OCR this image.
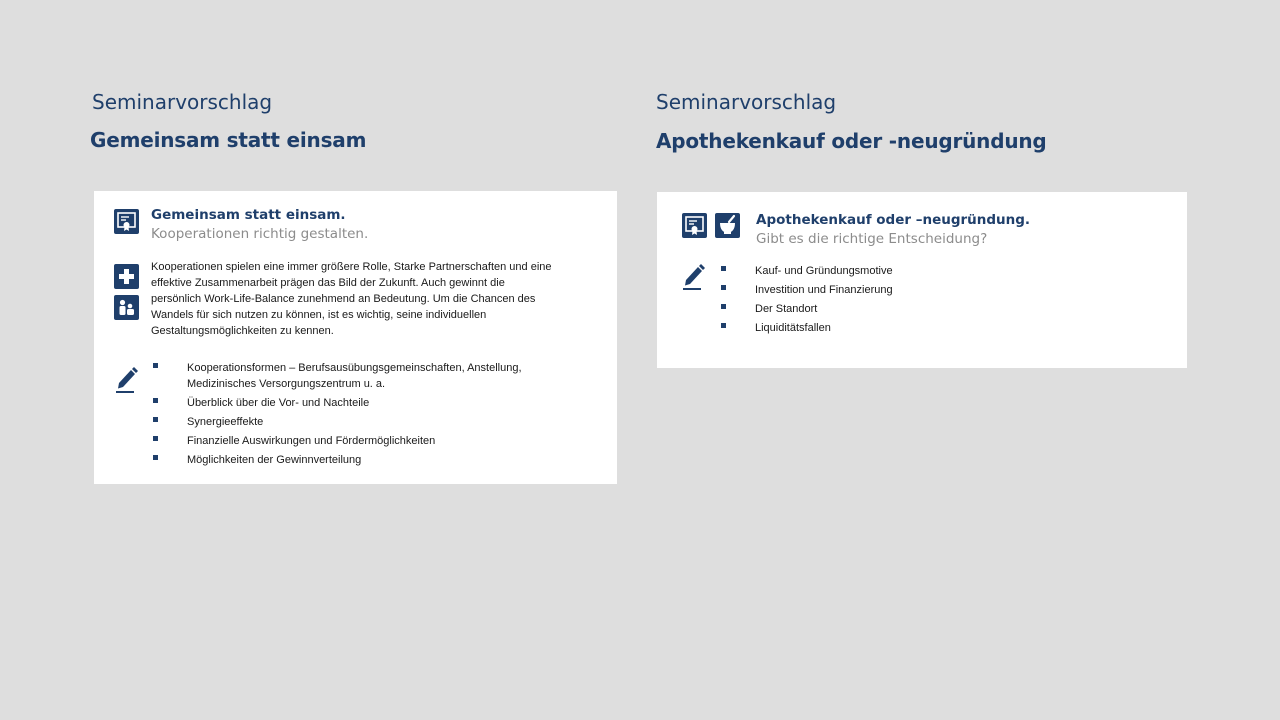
Seminarvorschlag
Gemeinsam statt einsam

Gemeinsam statt einsam.

Kooperationen richtig gestalten.

Kooperationen spielen eine immer größere Rolle, Starke Partnerschaften und eine
effektive Zusammenarbeit prägen das Bild der Zukunft. Auch gewinnt die
persönlich Work-Life-Balance zunehmend an Bedeutung. Um die Chancen des
Wandels für sich nutzen zu können, ist es wichtig, seine individuellen
Gestaltungsmöglichkeiten zu kennen.

Kooperationsformen – Berufsausübungsgemeinschaften, Anstellung,
Medizinisches Versorgungszentrum u. a.
Überblick über die Vor- und Nachteile
Synergieeffekte
Finanzielle Auswirkungen und Fördermöglichkeiten
Möglichkeiten der Gewinnverteilung
Seminarvorschlag
Apothekenkauf oder -neugründung

Apothekenkauf oder –neugründung.

Gibt es die richtige Entscheidung?

Kauf- und Gründungsmotive
Investition und Finanzierung
Der Standort
Liquiditätsfallen
